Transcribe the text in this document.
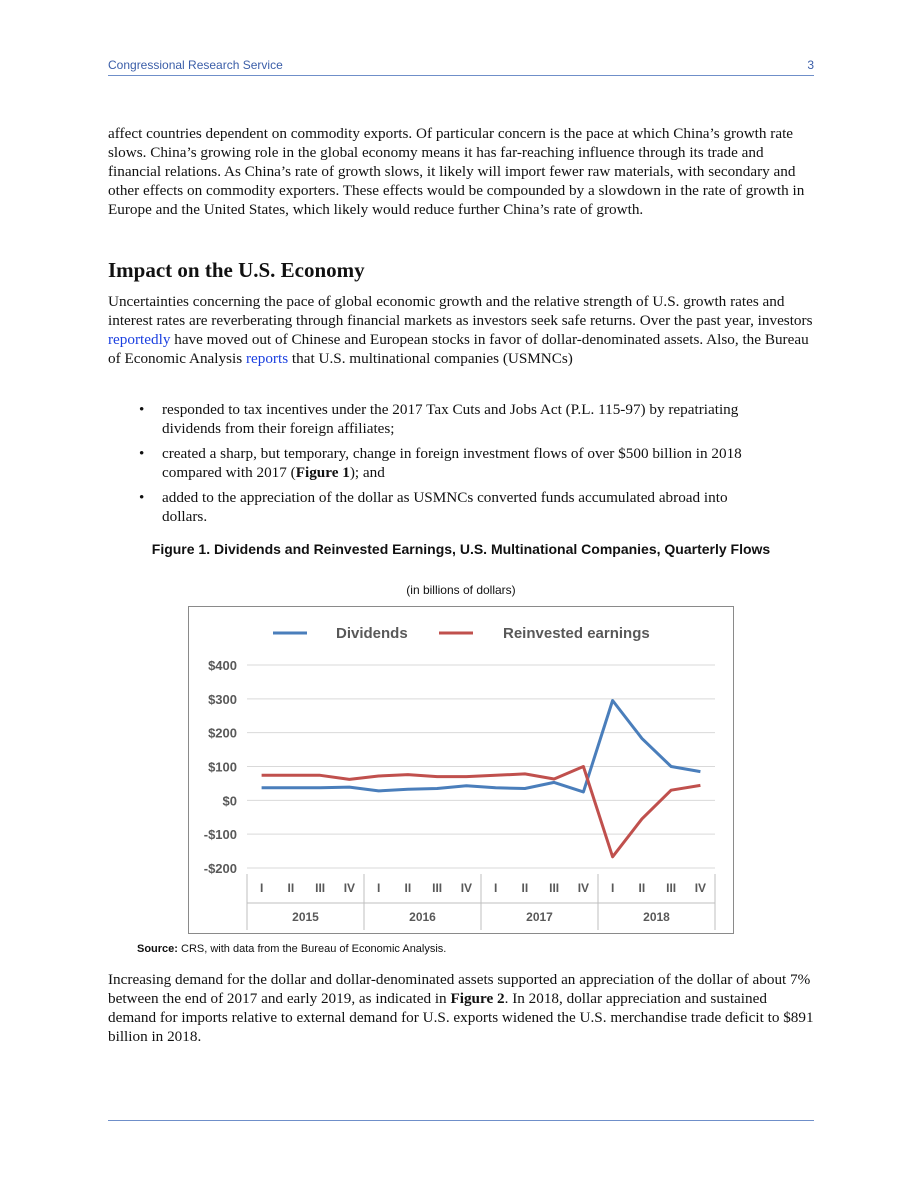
Congressional Research Service	3

affect countries dependent on commodity exports. Of particular concern is the pace at which China’s growth rate slows. China’s growing role in the global economy means it has far-reaching influence through its trade and financial relations. As China’s rate of growth slows, it likely will import fewer raw materials, with secondary and other effects on commodity exporters. These effects would be compounded by a slowdown in the rate of growth in Europe and the United States, which likely would reduce further China’s rate of growth.

Impact on the U.S. Economy

Uncertainties concerning the pace of global economic growth and the relative strength of U.S. growth rates and interest rates are reverberating through financial markets as investors seek safe returns. Over the past year, investors reportedly have moved out of Chinese and European stocks in favor of dollar-denominated assets. Also, the Bureau of Economic Analysis reports that U.S. multinational companies (USMNCs)

• responded to tax incentives under the 2017 Tax Cuts and Jobs Act (P.L. 115-97) by repatriating dividends from their foreign affiliates;
• created a sharp, but temporary, change in foreign investment flows of over $500 billion in 2018 compared with 2017 (Figure 1); and
• added to the appreciation of the dollar as USMNCs converted funds accumulated abroad into dollars.
Figure 1. Dividends and Reinvested Earnings, U.S. Multinational Companies, Quarterly Flows
(in billions of dollars)
$400
$300
$200
$100
$0
-$100
-$200
2015	2016	2017	2018
I II III IV I II III IV I II III IV I II III IV
Dividends	Reinvested earnings
Source: CRS, with data from the Bureau of Economic Analysis.

Increasing demand for the dollar and dollar-denominated assets supported an appreciation of the dollar of about 7% between the end of 2017 and early 2019, as indicated in Figure 2. In 2018, dollar appreciation and sustained demand for imports relative to external demand for U.S. exports widened the U.S. merchandise trade deficit to $891 billion in 2018.
